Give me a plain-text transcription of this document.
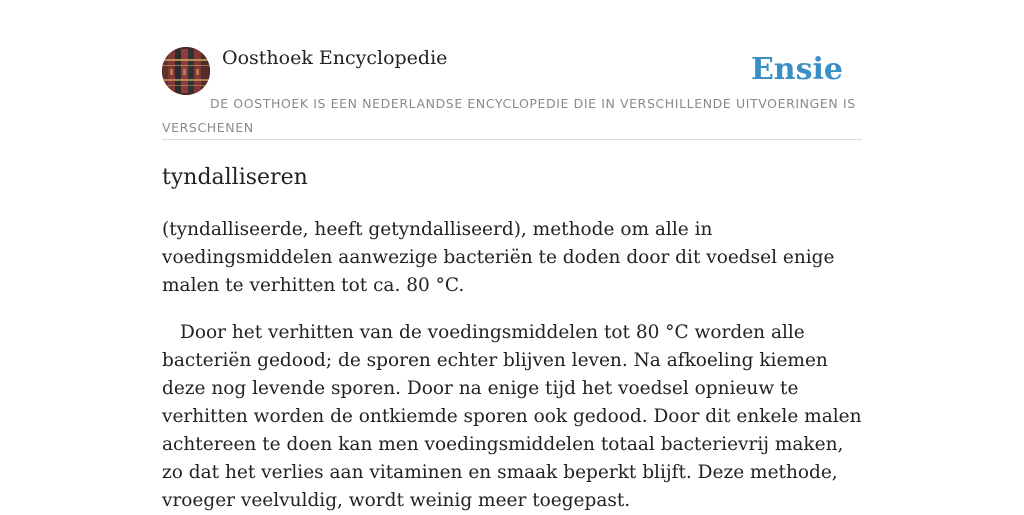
Oosthoek Encyclopedie	Ensie
DE OOSTHOEK IS EEN NEDERLANDSE ENCYCLOPEDIE DIE IN VERSCHILLENDE UITVOERINGEN IS VERSCHENEN
tyndalliseren

(tyndalliseerde, heeft getyndalliseerd), methode om alle in voedingsmiddelen aanwezige bacteriën te doden door dit voedsel enige malen te verhitten tot ca. 80 °C.

Door het verhitten van de voedingsmiddelen tot 80 °C worden alle bacteriën gedood; de sporen echter blijven leven. Na afkoeling kiemen deze nog levende sporen. Door na enige tijd het voedsel opnieuw te verhitten worden de ontkiemde sporen ook gedood. Door dit enkele malen achtereen te doen kan men voedingsmiddelen totaal bacterievrij maken, zo dat het verlies aan vitaminen en smaak beperkt blijft. Deze methode, vroeger veelvuldig, wordt weinig meer toegepast.
